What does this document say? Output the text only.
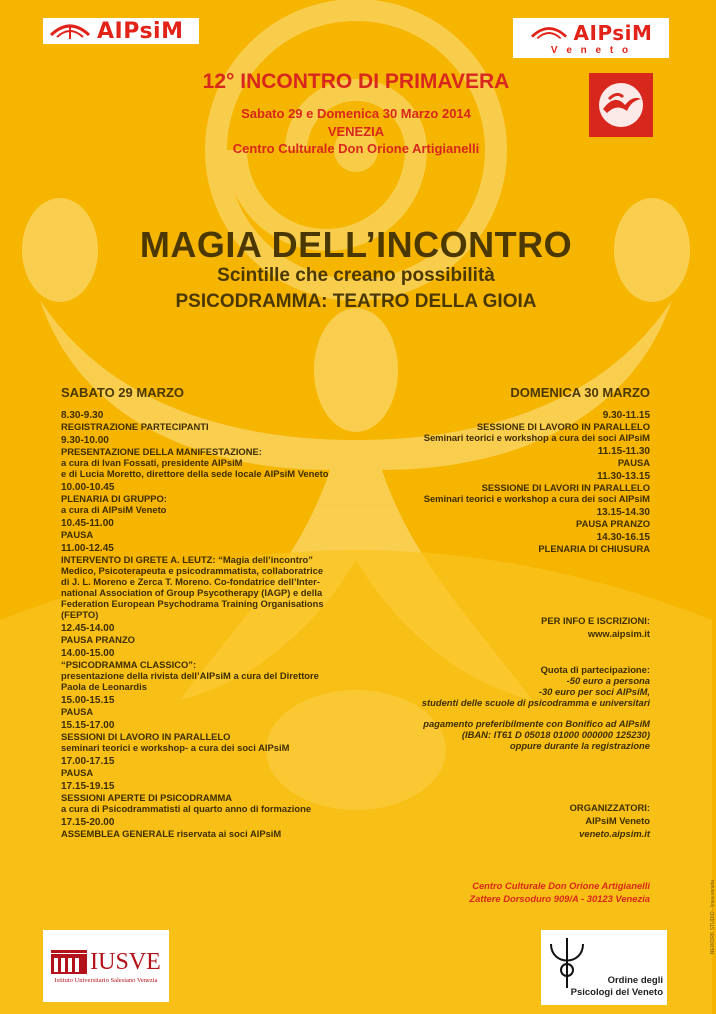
AIPsiM	AIPsiM
V e n e t o
12° INCONTRO DI PRIMAVERA
Sabato 29 e Domenica 30 Marzo 2014
VENEZIA
Centro Culturale Don Orione Artigianelli
MAGIA DELL’INCONTRO
Scintille che creano possibilità
PSICODRAMMA: TEATRO DELLA GIOIA
SABATO 29 MARZO
8.30-9.30
REGISTRAZIONE PARTECIPANTI
9.30-10.00
PRESENTAZIONE DELLA MANIFESTAZIONE:
a cura di Ivan Fossati, presidente AIPsiM
e di Lucia Moretto, direttore della sede locale AIPsiM Veneto
10.00-10.45
PLENARIA DI GRUPPO:
a cura di AIPsiM Veneto
10.45-11.00
PAUSA
11.00-12.45
INTERVENTO DI GRETE A. LEUTZ: “Magia dell’incontro”
Medico, Psicoterapeuta e psicodrammatista, collaboratrice
di J. L. Moreno e Zerca T. Moreno. Co-fondatrice dell’Inter-
national Association of Group Psycotherapy (IAGP) e della
Federation European Psychodrama Training Organisations
(FEPTO)
12.45-14.00
PAUSA PRANZO
14.00-15.00
“PSICODRAMMA CLASSICO”:
presentazione della rivista dell’AIPsiM a cura del Direttore
Paola de Leonardis
15.00-15.15
PAUSA
15.15-17.00
SESSIONI DI LAVORO IN PARALLELO
seminari teorici e workshop- a cura dei soci AIPsiM
17.00-17.15
PAUSA
17.15-19.15
SESSIONI APERTE DI PSICODRAMMA
a cura di Psicodrammatisti al quarto anno di formazione
17.15-20.00
ASSEMBLEA GENERALE riservata ai soci AIPsiM
DOMENICA 30 MARZO
9.30-11.15
SESSIONE DI LAVORO IN PARALLELO
Seminari teorici e workshop a cura dei soci AIPsiM
11.15-11.30
PAUSA
11.30-13.15
SESSIONE DI LAVORI IN PARALLELO
Seminari teorici e workshop a cura dei soci AIPsiM
13.15-14.30
PAUSA PRANZO
14.30-16.15
PLENARIA DI CHIUSURA
PER INFO E ISCRIZIONI:
www.aipsim.it
Quota di partecipazione:
-50 euro a persona
-30 euro per soci AIPsiM,
studenti delle scuole di psicodramma e universitari
pagamento preferibilmente con Bonifico ad AIPsiM
(IBAN: IT61 D 05018 01000 000000 125230)
oppure durante la registrazione
ORGANIZZATORI:
AIPsiM Veneto
veneto.aipsim.it
Centro Culturale Don Orione Artigianelli
Zattere Dorsoduro 909/A - 30123 Venezia
IUSVE
Istituto Universitario Salesiano Venezia	Ordine degli
Psicologi del Veneto
NEWORK STUDIO - linea.veneta
